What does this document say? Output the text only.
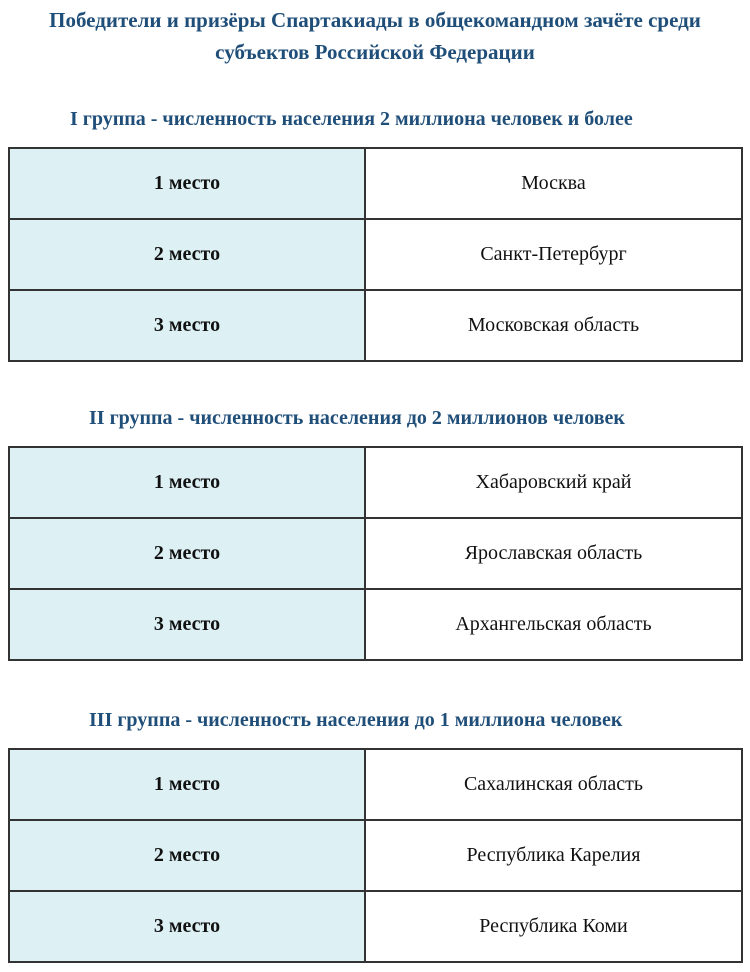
Победители и призёры Спартакиады в общекомандном зачёте среди
субъектов Российской Федерации
I группа - численность населения 2 миллиона человек и более
1 место	Москва
2 место	Санкт-Петербург
3 место	Московская область
II группа - численность населения до 2 миллионов человек
1 место	Хабаровский край
2 место	Ярославская область
3 место	Архангельская область
III группа - численность населения до 1 миллиона человек
1 место	Сахалинская область
2 место	Республика Карелия
3 место	Республика Коми
